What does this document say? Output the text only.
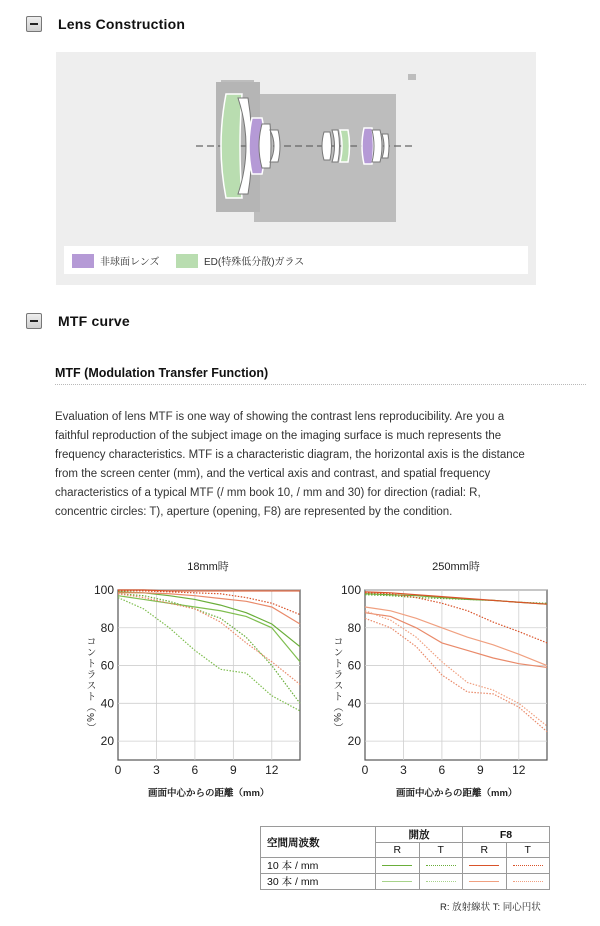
Lens Construction
非球面レンズ	ED(特殊低分散)ガラス
MTF curve
MTF (Modulation Transfer Function)
Evaluation of lens MTF is one way of showing the contrast lens reproducibility. Are you a
faithful reproduction of the subject image on the imaging surface is much represents the
frequency characteristics. MTF is a characteristic diagram, the horizontal axis is the distance
from the screen center (mm), and the vertical axis and contrast, and spatial frequency
characteristics of a typical MTF (/ mm book 10, / mm and 30) for direction (radial: R,
concentric circles: T), aperture (opening, F8) are represented by the condition.
18mm時	250mm時
コントラスト（%）	コントラスト（%）
0	3	6	9 12
100
80
60
40
20
0	3	6	9 12
100
80
60
40
20
画面中心からの距離（mm）	画面中心からの距離（mm）
空間周波数	開放		F8	
	R	T	R	T
10 本 / mm	

30 本 / mm	

R: 放射線状 T: 同心円状
